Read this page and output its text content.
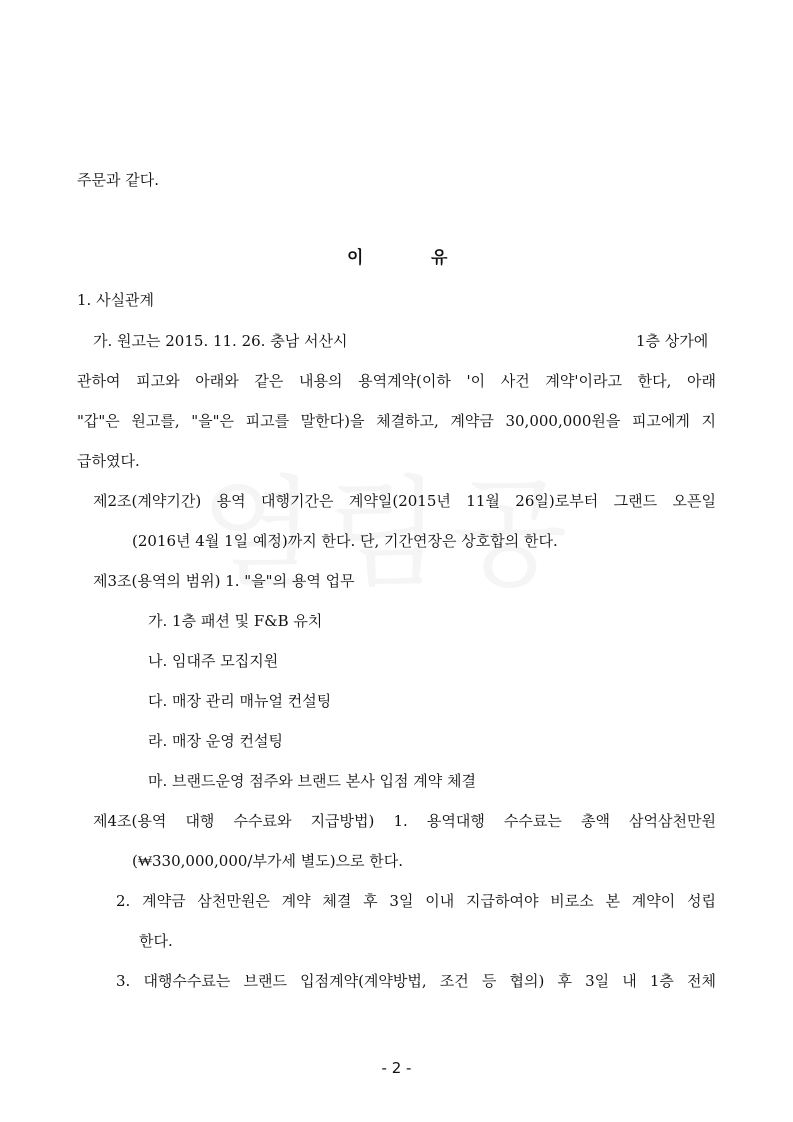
주문과 같다.
이	유
1. 사실관계
가. 원고는 2015. 11. 26. 충남 서산시	1층 상가에
관하여 피고와 아래와 같은 내용의 용역계약(이하 '이 사건 계약'이라고 한다, 아래
"갑"은 원고를, "을"은 피고를 말한다)을 체결하고, 계약금 30,000,000원을 피고에게 지
급하였다.
제2조(계약기간) 용역 대행기간은 계약일(2015년 11월 26일)로부터 그랜드 오픈일
(2016년 4월 1일 예정)까지 한다. 단, 기간연장은 상호합의 한다.
제3조(용역의 범위) 1. "을"의 용역 업무
가. 1층 패션 및 F&B 유치
나. 임대주 모집지원
다. 매장 관리 매뉴얼 컨설팅
라. 매장 운영 컨설팅
마. 브랜드운영 점주와 브랜드 본사 입점 계약 체결
제4조(용역 대행 수수료와 지급방법) 1. 용역대행 수수료는 총액 삼억삼천만원
(₩330,000,000/부가세 별도)으로 한다.
2. 계약금 삼천만원은 계약 체결 후 3일 이내 지급하여야 비로소 본 계약이 성립
한다.
3. 대행수수료는 브랜드 입점계약(계약방법, 조건 등 협의) 후 3일 내 1층 전체
- 2 -
